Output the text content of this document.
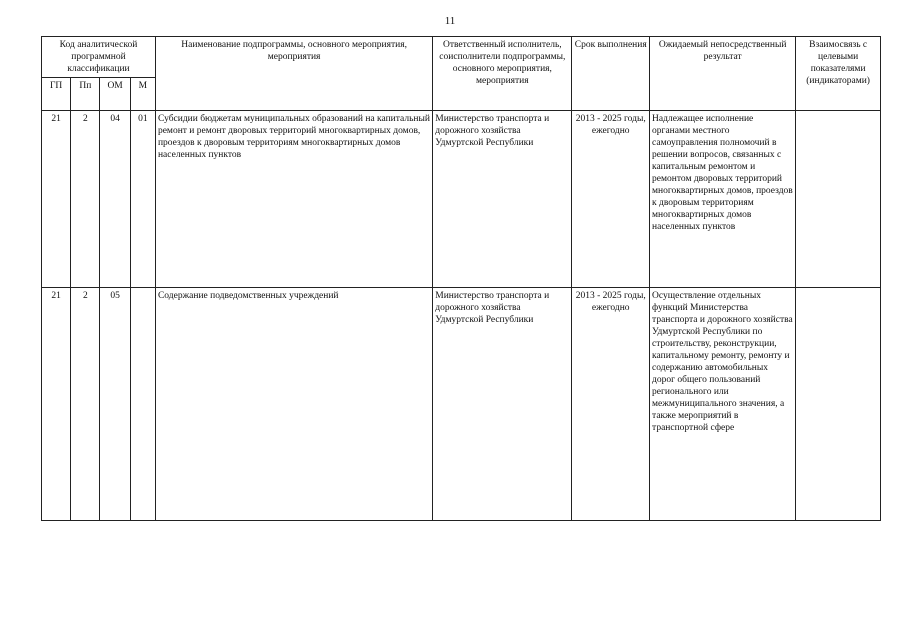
11
Код аналитической программной классификации				Наименование подпрограммы, основного мероприятия, мероприятия	Ответственный исполнитель, соисполнители подпрограммы, основного мероприятия, мероприятия	Срок выполнения	Ожидаемый непосредственный результат	Взаимосвязь с целевыми показателями (индикаторами)
ГП	Пп	ОМ	М					
21	2	04	01	Субсидии бюджетам муниципальных образований на капитальный ремонт и ремонт дворовых территорий многоквартирных домов, проездов к дворовым территориям многоквартирных домов населенных пунктов	Министерство транспорта и дорожного хозяйства Удмуртской Республики	2013 - 2025 годы, ежегодно	Надлежащее исполнение органами местного самоуправления полномочий в решении вопросов, связанных с капитальным ремонтом и ремонтом дворовых территорий многоквартирных домов, проездов к дворовым территориям многоквартирных домов населенных пунктов	
21	2	05		Содержание подведомственных учреждений	Министерство транспорта и дорожного хозяйства Удмуртской Республики	2013 - 2025 годы, ежегодно	Осуществление отдельных функций Министерства транспорта и дорожного хозяйства Удмуртской Республики по строительству, реконструкции, капитальному ремонту, ремонту и содержанию автомобильных дорог общего пользований регионального или межмуниципального значения, а также мероприятий в транспортной сфере	
